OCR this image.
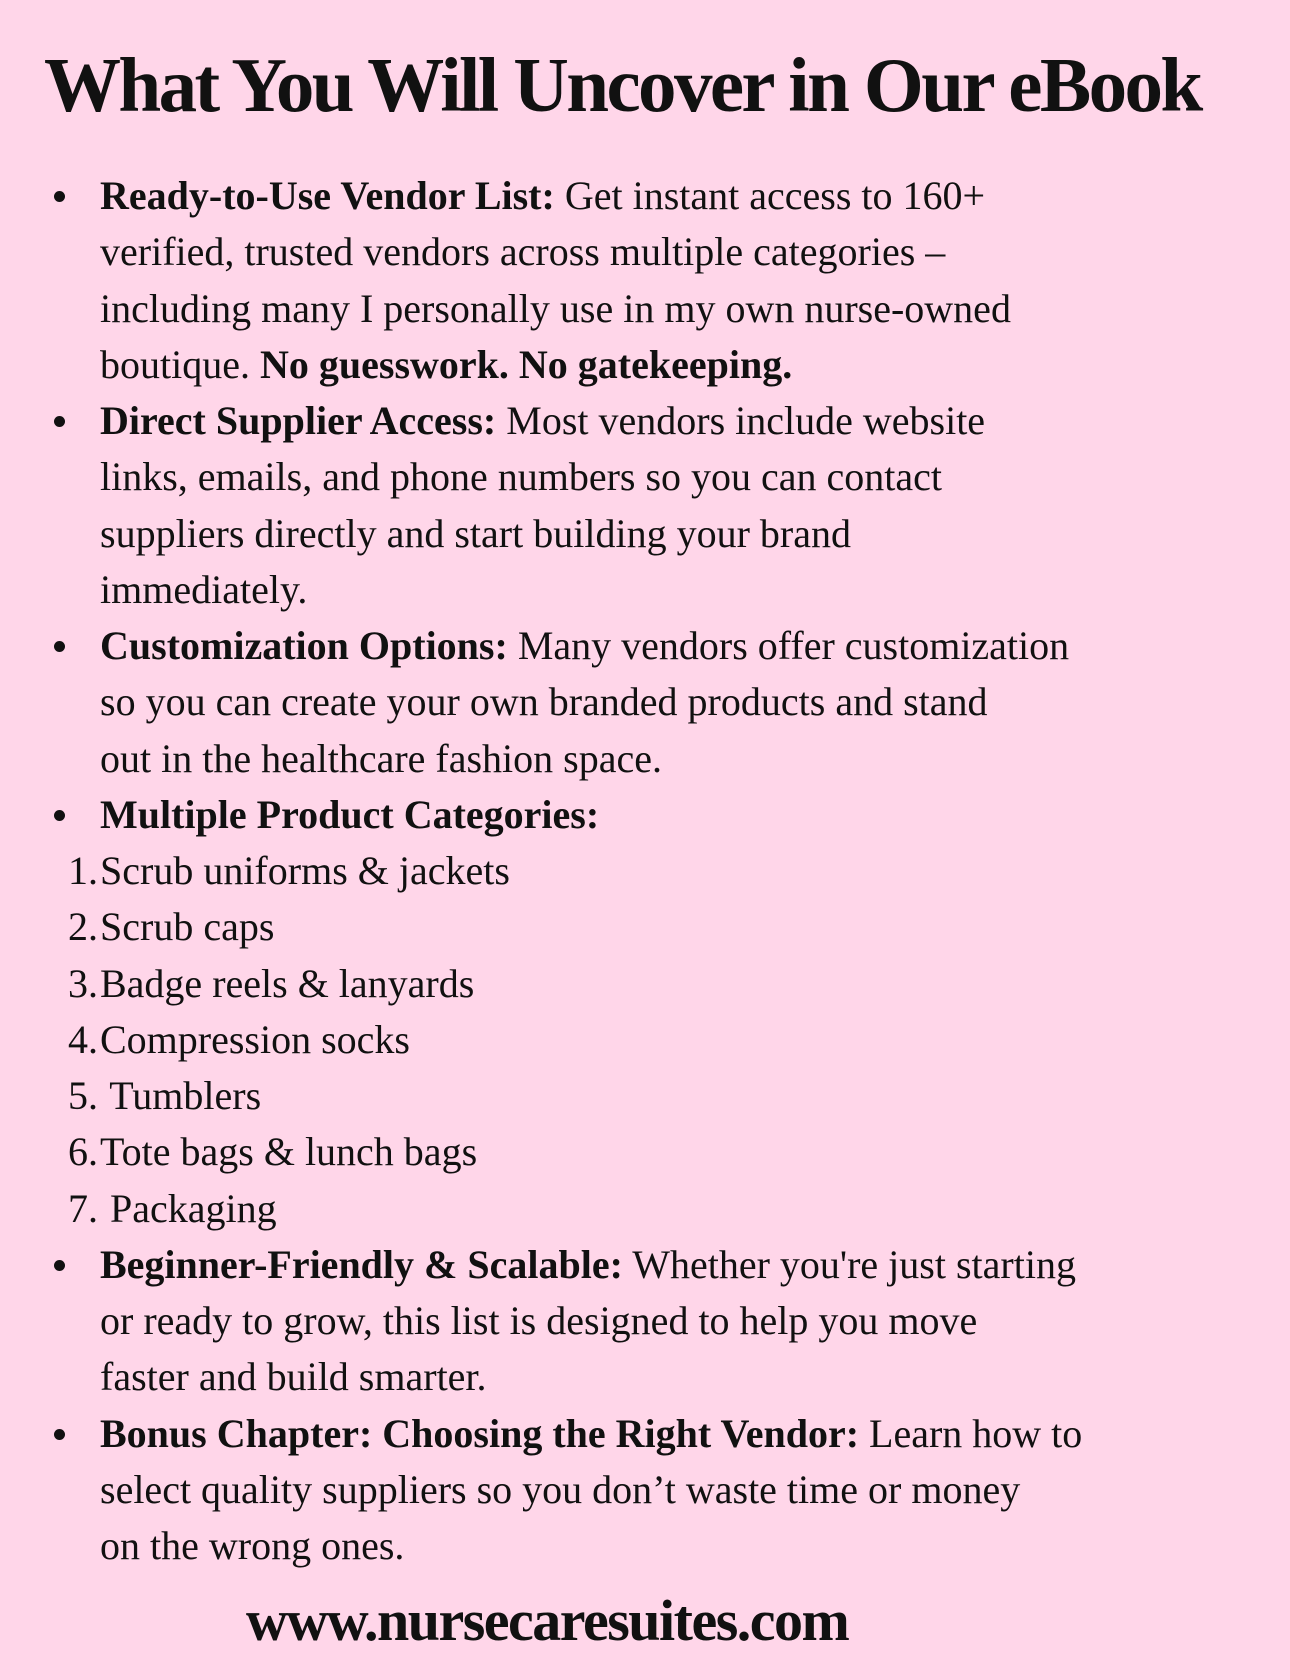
What You Will Uncover in Our eBook
Ready-to-Use Vendor List: Get instant access to 160+
verified, trusted vendors across multiple categories –
including many I personally use in my own nurse-owned
boutique. No guesswork. No gatekeeping.
Direct Supplier Access: Most vendors include website
links, emails, and phone numbers so you can contact
suppliers directly and start building your brand
immediately.
Customization Options: Many vendors offer customization
so you can create your own branded products and stand
out in the healthcare fashion space.
Multiple Product Categories:
1. Scrub uniforms & jackets
2. Scrub caps
3. Badge reels & lanyards
4. Compression socks
5. Tumblers
6. Tote bags & lunch bags
7. Packaging
Beginner-Friendly & Scalable: Whether you're just starting
or ready to grow, this list is designed to help you move
faster and build smarter.
Bonus Chapter: Choosing the Right Vendor: Learn how to
select quality suppliers so you don’t waste time or money
on the wrong ones.
www.nursecaresuites.com
